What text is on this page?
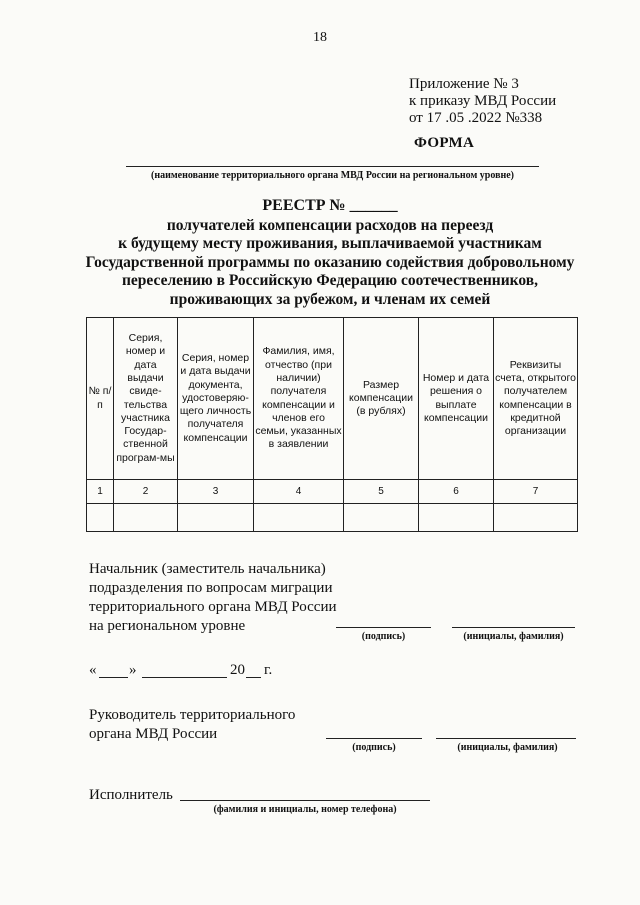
18
Приложение № 3
к приказу МВД России
от 17 .05 .2022 №338
ФОРМА
(наименование территориального органа МВД России на региональном уровне)
РЕЕСТР № ______
получателей компенсации расходов на переезд
к будущему месту проживания, выплачиваемой участникам
Государственной программы по оказанию содействия добровольному
переселению в Российскую Федерацию соотечественников,
проживающих за рубежом, и членам их семей
№ п/п	Серия, номер и дата выдачи свиде-тельства участника Государ-ственной програм-мы	Серия, номер и дата выдачи документа, удостоверяю-щего личность получателя компенсации	Фамилия, имя, отчество (при наличии) получателя компенсации и членов его семьи, указанных в заявлении	Размер компенсации (в рублях)	Номер и дата решения о выплате компенсации	Реквизиты счета, открытого получателем компенсации в кредитной организации
1	2	3	4	5	6	7

Начальник (заместитель начальника)
подразделения по вопросам миграции
территориального органа МВД России
на региональном уровне
(подпись)	(инициалы, фамилия)
« »	20 г.
Руководитель территориального
органа МВД России
(подпись)	(инициалы, фамилия)
Исполнитель
(фамилия и инициалы, номер телефона)
